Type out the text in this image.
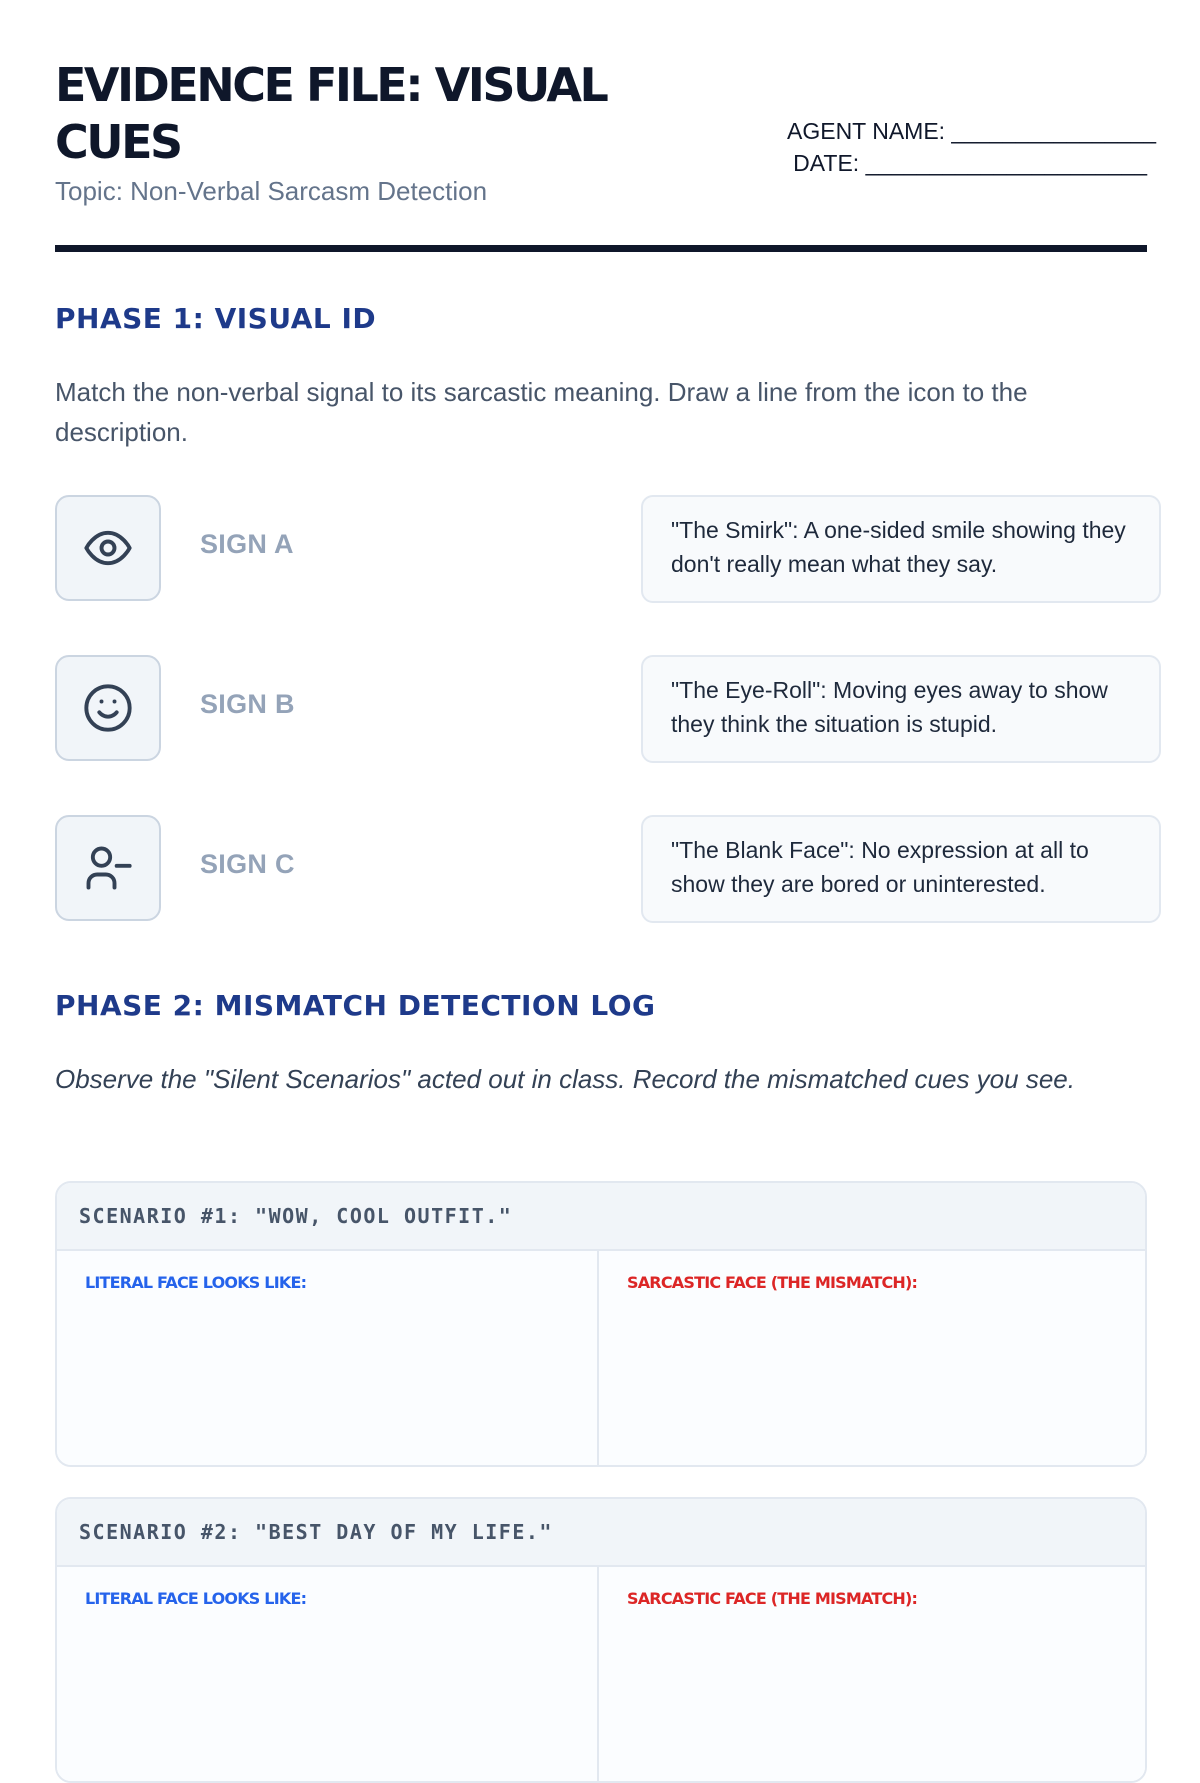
EVIDENCE FILE: VISUAL CUES
Topic: Non-Verbal Sarcasm Detection
AGENT NAME: ________________
DATE: ______________________
PHASE 1: VISUAL ID

Match the non-verbal signal to its sarcastic meaning. Draw a line from the icon to the description.

SIGN A	"The Smirk": A one-sided smile showing they don't really mean what they say.
SIGN B	"The Eye-Roll": Moving eyes away to show they think the situation is stupid.
SIGN C	"The Blank Face": No expression at all to show they are bored or uninterested.
PHASE 2: MISMATCH DETECTION LOG

Observe the "Silent Scenarios" acted out in class. Record the mismatched cues you see.

SCENARIO #1: "WOW, COOL OUTFIT."
LITERAL FACE LOOKS LIKE:	SARCASTIC FACE (THE MISMATCH):
SCENARIO #2: "BEST DAY OF MY LIFE."
LITERAL FACE LOOKS LIKE:	SARCASTIC FACE (THE MISMATCH):
